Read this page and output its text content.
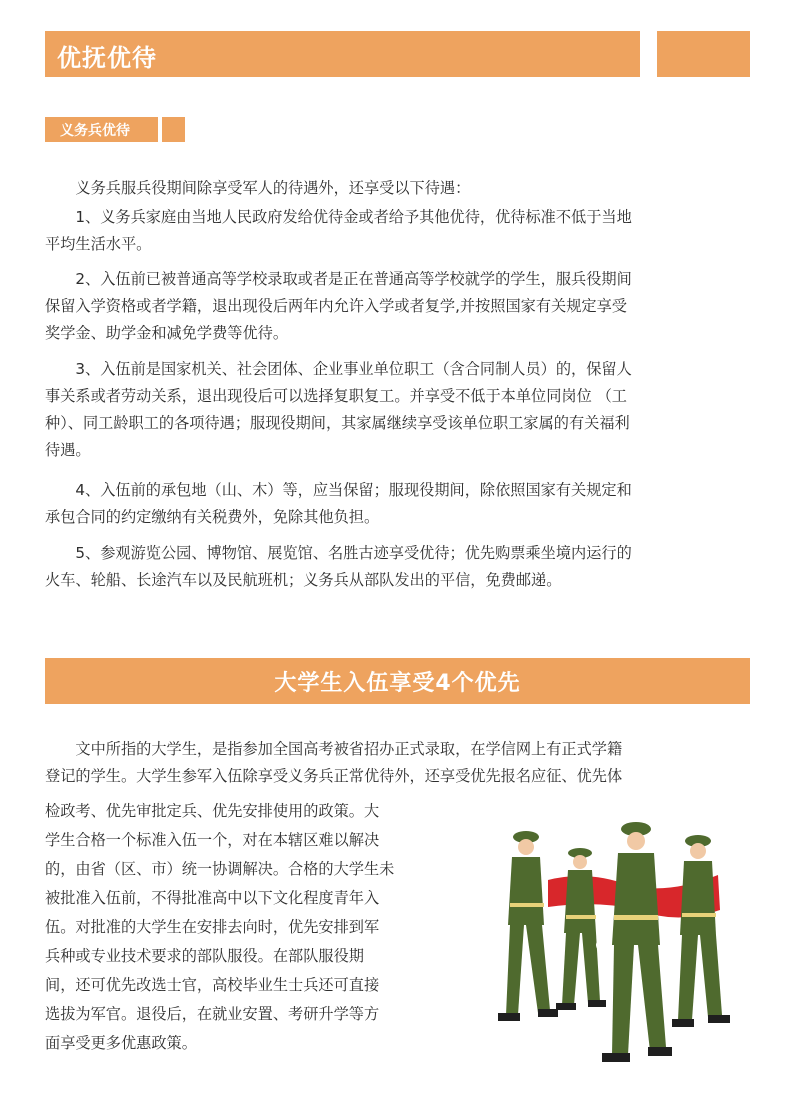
优抚优待
义务兵优待

义务兵服兵役期间除享受军人的待遇外，还享受以下待遇：

1、义务兵家庭由当地人民政府发给优待金或者给予其他优待，优待标准不低于当地
平均生活水平。

2、入伍前已被普通高等学校录取或者是正在普通高等学校就学的学生，服兵役期间
保留入学资格或者学籍，退出现役后两年内允许入学或者复学,并按照国家有关规定享受
奖学金、助学金和减免学费等优待。

3、入伍前是国家机关、社会团体、企业事业单位职工（含合同制人员）的，保留人
事关系或者劳动关系，退出现役后可以选择复职复工。并享受不低于本单位同岗位 （工
种）、同工龄职工的各项待遇；服现役期间，其家属继续享受该单位职工家属的有关福利
待遇。

4、入伍前的承包地（山、木）等，应当保留；服现役期间，除依照国家有关规定和
承包合同的约定缴纳有关税费外，免除其他负担。

5、参观游览公园、博物馆、展览馆、名胜古迹享受优待；优先购票乘坐境内运行的
火车、轮船、长途汽车以及民航班机；义务兵从部队发出的平信，免费邮递。

大学生入伍享受4个优先

文中所指的大学生，是指参加全国高考被省招办正式录取，在学信网上有正式学籍
登记的学生。大学生参军入伍除享受义务兵正常优待外，还享受优先报名应征、优先体

检政考、优先审批定兵、优先安排使用的政策。大
学生合格一个标准入伍一个，对在本辖区难以解决
的，由省（区、市）统一协调解决。合格的大学生未
被批准入伍前，不得批准高中以下文化程度青年入
伍。对批准的大学生在安排去向时，优先安排到军
兵种或专业技术要求的部队服役。在部队服役期
间，还可优先改选士官，高校毕业生士兵还可直接
选拔为军官。退役后，在就业安置、考研升学等方
面享受更多优惠政策。
